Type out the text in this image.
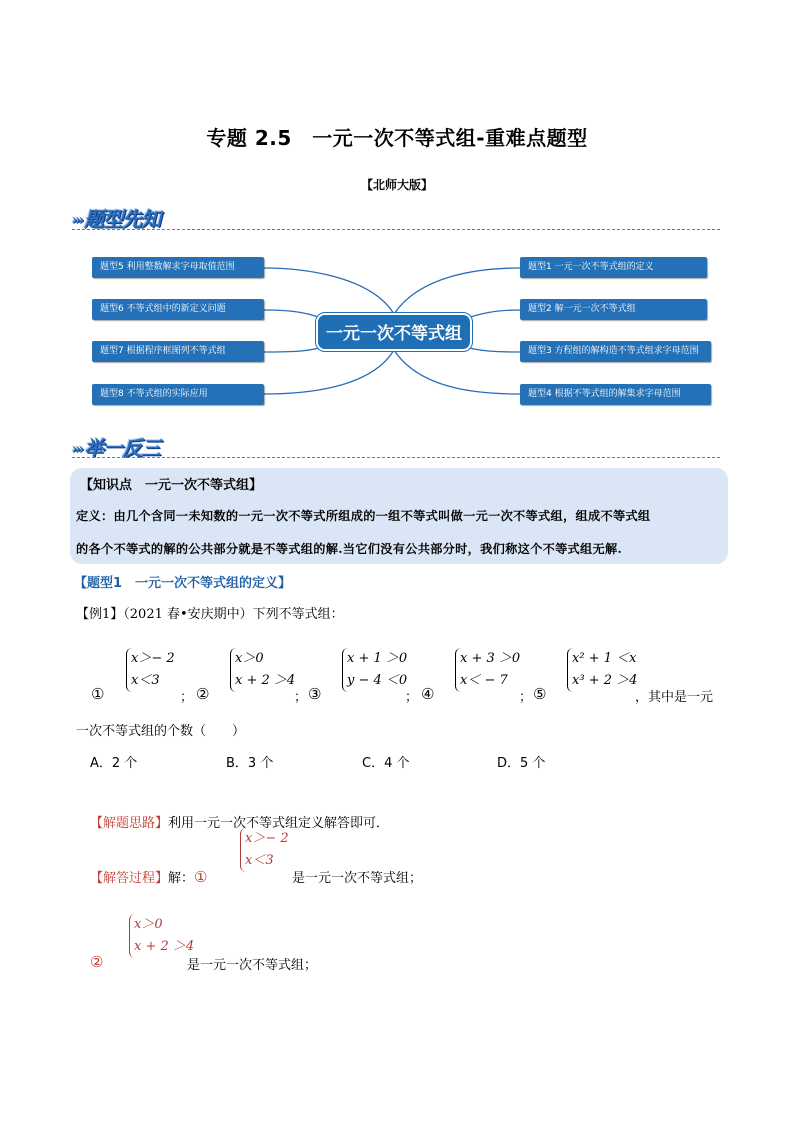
专题 2.5　一元一次不等式组-重难点题型
【北师大版】
››› 题型先知
题型5 利用整数解求字母取值范围
题型6 不等式组中的新定义问题
题型7 根据程序框图列不等式组
题型8 不等式组的实际应用
题型1 一元一次不等式组的定义
题型2 解一元一次不等式组
题型3 方程组的解构造不等式组求字母范围
题型4 根据不等式组的解集求字母范围
一元一次不等式组
››› 举一反三
【知识点　一元一次不等式组】
定义：由几个含同一未知数的一元一次不等式所组成的一组不等式叫做一元一次不等式组，组成不等式组
的各个不等式的解的公共部分就是不等式组的解.当它们没有公共部分时，我们称这个不等式组无解.
【题型1　一元一次不等式组的定义】
【例1】（2021 春•安庆期中）下列不等式组：
①
x＞− 2
x＜3
； ②
x＞0
x + 2 ＞4
； ③
x + 1 ＞0
y − 4 ＜0
； ④
x + 3 ＞0
x＜ − 7
； ⑤
x² + 1 ＜x
x³ + 2 ＞4
，其中是一元
一次不等式组的个数（　　）
A．2 个	B．3 个	C．4 个	D．5 个
【解题思路】利用一元一次不等式组定义解答即可．
【解答过程】解：①
x＞− 2
x＜3
是一元一次不等式组；
②
x＞0
x + 2 ＞4
是一元一次不等式组；
